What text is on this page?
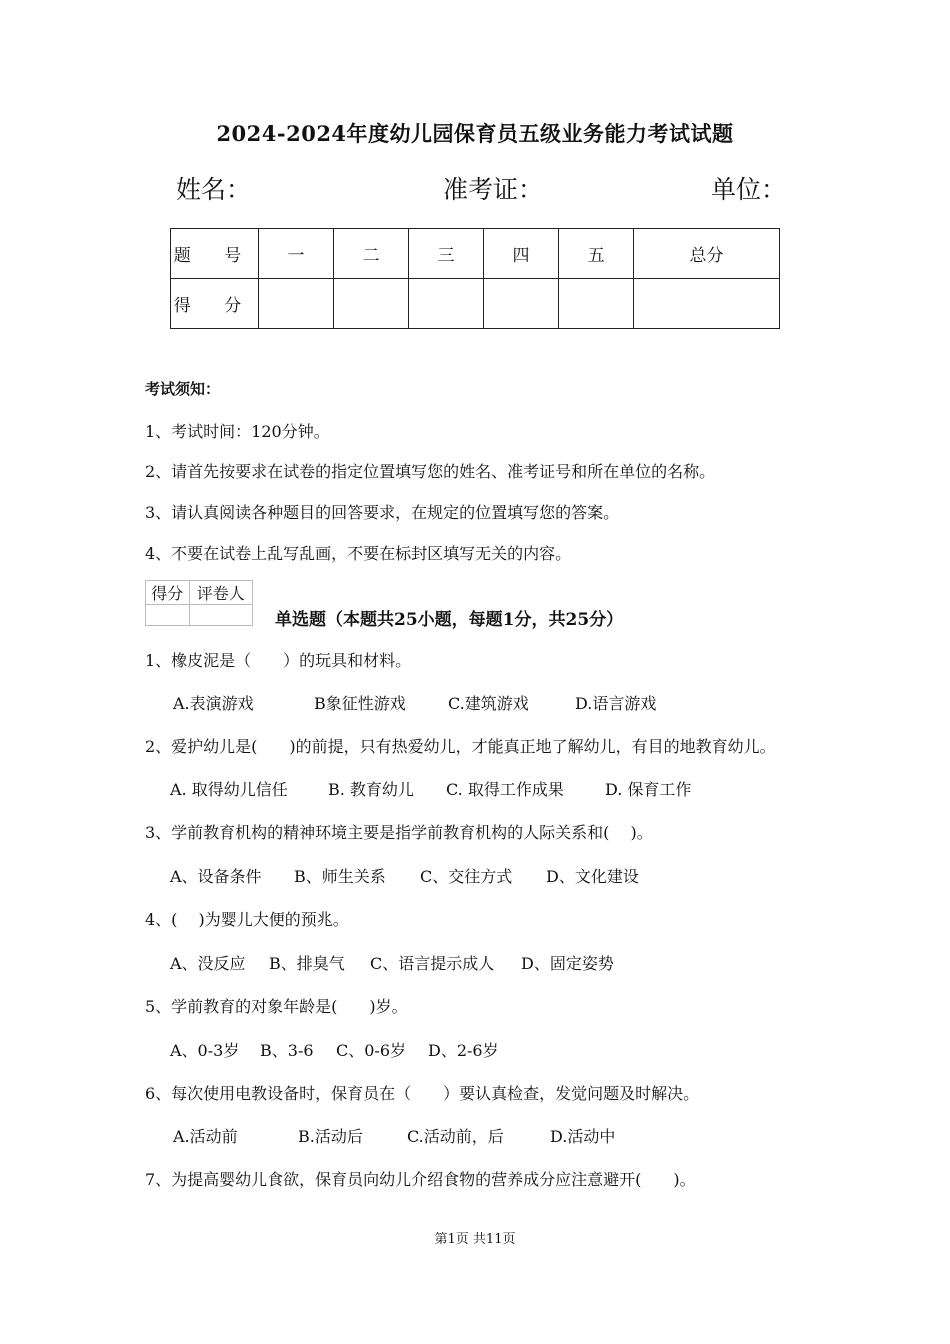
2024-2024年度幼儿园保育员五级业务能力考试试题
姓名：	准考证：	单位：
题 号	一	二	三	四	五	总分
得 分						
考试须知：
1、考试时间：120分钟。
2、请首先按要求在试卷的指定位置填写您的姓名、准考证号和所在单位的名称。
3、请认真阅读各种题目的回答要求，在规定的位置填写您的答案。
4、不要在试卷上乱写乱画，不要在标封区填写无关的内容。
得分	评卷人

单选题（本题共25小题，每题1分，共25分）
1、橡皮泥是（　　）的玩具和材料。
A.表演游戏	B象征性游戏	C.建筑游戏	D.语言游戏
2、爱护幼儿是(　　)的前提，只有热爱幼儿，才能真正地了解幼儿，有目的地教育幼儿。
A. 取得幼儿信任	B. 教育幼儿 C. 取得工作成果	D. 保育工作
3、学前教育机构的精神环境主要是指学前教育机构的人际关系和(　 )。
A、设备条件 B、师生关系 C、交往方式 D、文化建设
4、(　 )为婴儿大便的预兆。
A、没反应 B、排臭气 C、语言提示成人 D、固定姿势
5、学前教育的对象年龄是(　　)岁。
A、0-3岁 B、3-6 C、0-6岁 D、2-6岁
6、每次使用电教设备时，保育员在（　　）要认真检查，发觉问题及时解决。
A.活动前	B.活动后	C.活动前，后	D.活动中
7、为提高婴幼儿食欲，保育员向幼儿介绍食物的营养成分应注意避开(　　)。
第1页 共11页
